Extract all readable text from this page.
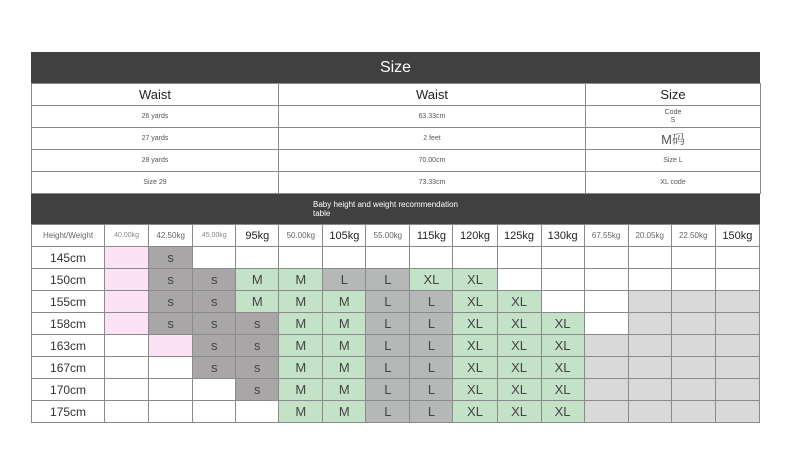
Size
Waist	Waist	Size
26 yards	63.33cm	Code
S
27 yards	2 feet	M码
28 yards	70.00cm	Size L
Size 29	73.33cm	XL code
Baby height and weight recommendation
table
Height/Weight	40.00kg	42.50kg	45.00kg	95kg	50.00kg	105kg	55.00kg	115kg	120kg	125kg	130kg	67.55kg	20.05kg	22.50kg	150kg
145cm		s													
150cm		s	s	M	M	L	L	XL	XL						
155cm		s	s	M	M	M	L	L	XL	XL					
158cm		s	s	s	M	M	L	L	XL	XL	XL				
163cm			s	s	M	M	L	L	XL	XL	XL				
167cm			s	s	M	M	L	L	XL	XL	XL				
170cm				s	M	M	L	L	XL	XL	XL				
175cm					M	M	L	L	XL	XL	XL				
